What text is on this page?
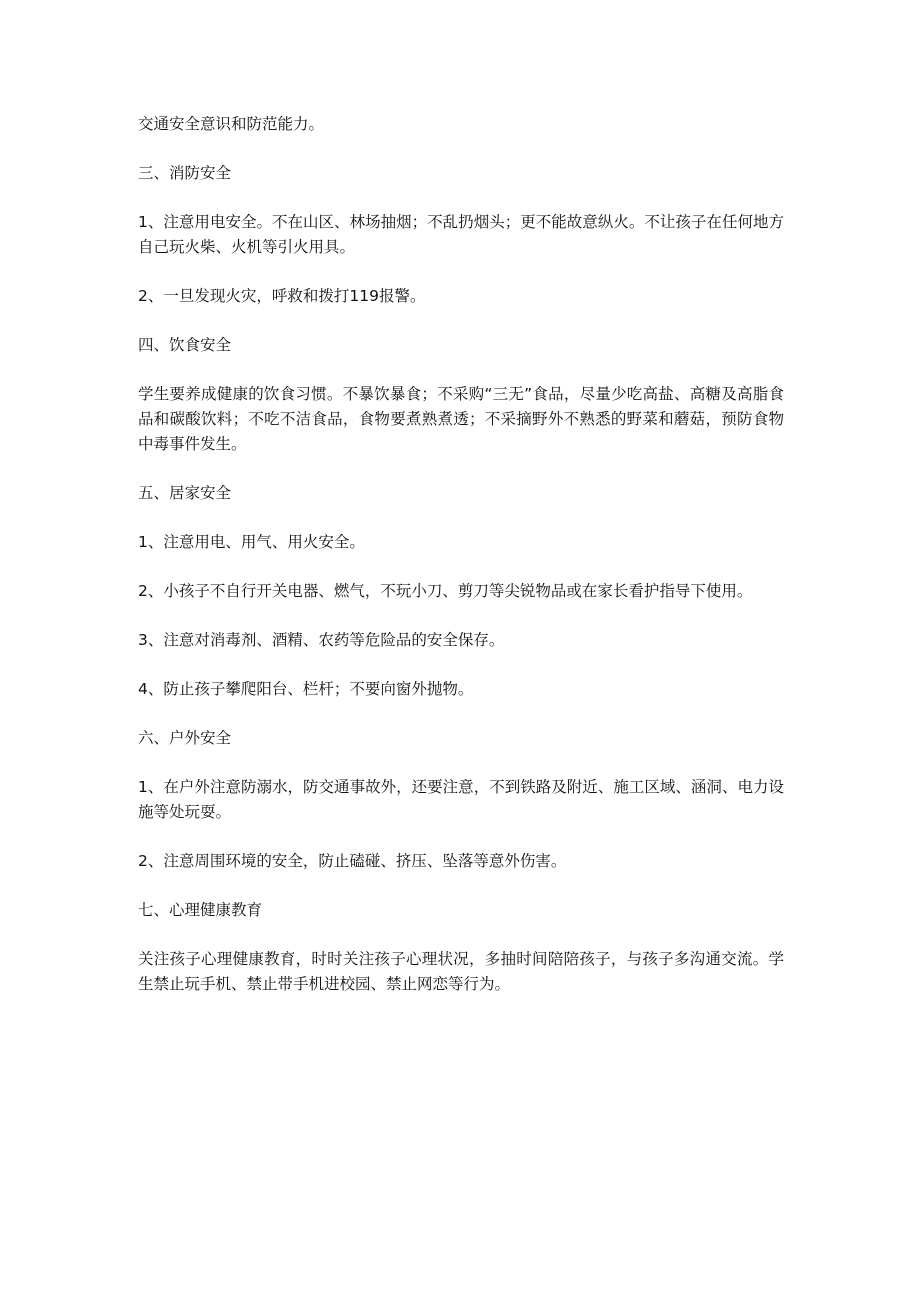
交通安全意识和防范能力。

三、消防安全

1、注意用电安全。不在山区、林场抽烟；不乱扔烟头；更不能故意纵火。不让孩子在任何地方自己玩火柴、火机等引火用具。

2、一旦发现火灾，呼救和拨打119报警。

四、饮食安全

学生要养成健康的饮食习惯。不暴饮暴食；不采购“三无”食品，尽量少吃高盐、高糖及高脂食品和碳酸饮料；不吃不洁食品，食物要煮熟煮透；不采摘野外不熟悉的野菜和蘑菇，预防食物中毒事件发生。

五、居家安全

1、注意用电、用气、用火安全。

2、小孩子不自行开关电器、燃气，不玩小刀、剪刀等尖锐物品或在家长看护指导下使用。

3、注意对消毒剂、酒精、农药等危险品的安全保存。

4、防止孩子攀爬阳台、栏杆；不要向窗外抛物。

六、户外安全

1、在户外注意防溺水，防交通事故外，还要注意，不到铁路及附近、施工区域、涵洞、电力设施等处玩耍。

2、注意周围环境的安全，防止磕碰、挤压、坠落等意外伤害。

七、心理健康教育

关注孩子心理健康教育，时时关注孩子心理状况，多抽时间陪陪孩子，与孩子多沟通交流。学生禁止玩手机、禁止带手机进校园、禁止网恋等行为。
